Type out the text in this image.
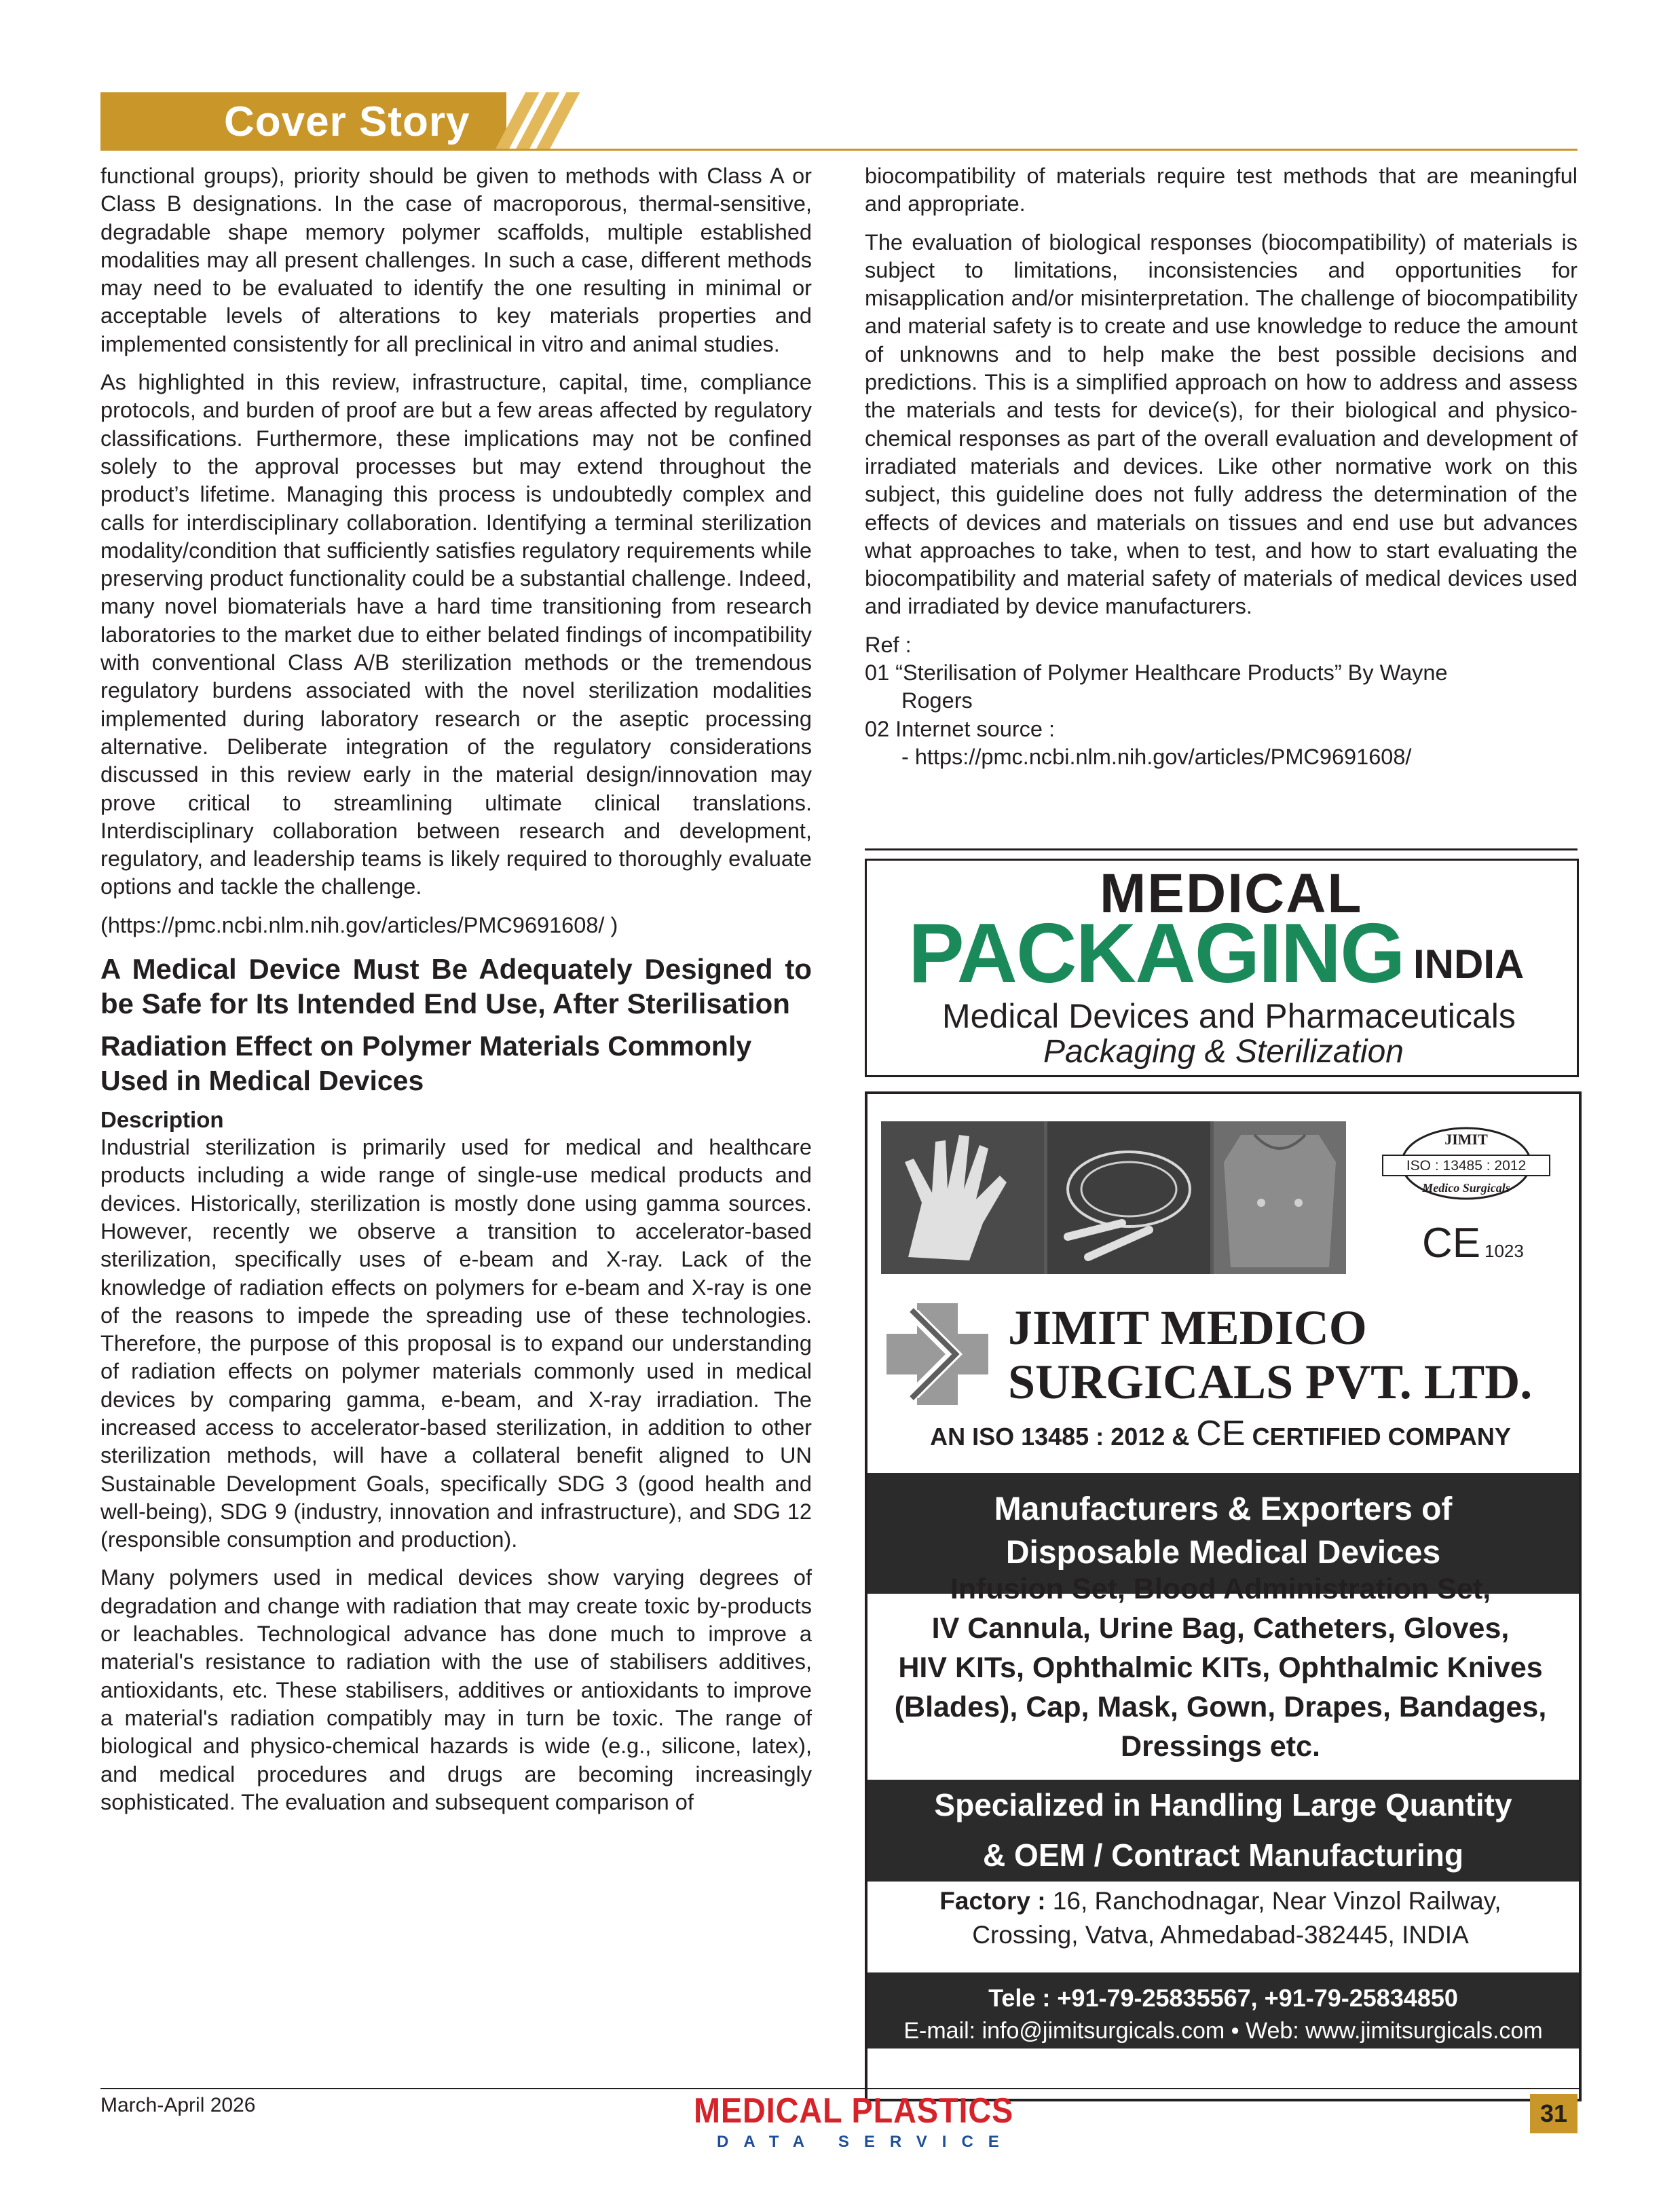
Cover Story

functional groups), priority should be given to methods with Class A or Class B designations. In the case of macroporous, thermal-sensitive, degradable shape memory polymer scaffolds, multiple established modalities may all present challenges. In such a case, different methods may need to be evaluated to identify the one resulting in minimal or acceptable levels of alterations to key materials properties and implemented consistently for all preclinical in vitro and animal studies.

As highlighted in this review, infrastructure, capital, time, compliance protocols, and burden of proof are but a few areas affected by regulatory classifications. Furthermore, these implications may not be confined solely to the approval processes but may extend throughout the product’s lifetime. Managing this process is undoubtedly complex and calls for interdisciplinary collaboration. Identifying a terminal sterilization modality/condition that sufficiently satisfies regulatory requirements while preserving product functionality could be a substantial challenge. Indeed, many novel biomaterials have a hard time transitioning from research laboratories to the market due to either belated findings of incompatibility with conventional Class A/B sterilization methods or the tremendous regulatory burdens associated with the novel sterilization modalities implemented during laboratory research or the aseptic processing alternative. Deliberate integration of the regulatory considerations discussed in this review early in the material design/innovation may prove critical to streamlining ultimate clinical translations. Interdisciplinary collaboration between research and development, regulatory, and leadership teams is likely required to thoroughly evaluate options and tackle the challenge.

(https://pmc.ncbi.nlm.nih.gov/articles/PMC9691608/ )

A Medical Device Must Be Adequately Designed to be Safe for Its Intended End Use, After Sterilisation
Radiation Effect on Polymer Materials Commonly Used in Medical Devices
Description

Industrial sterilization is primarily used for medical and healthcare products including a wide range of single-use medical products and devices. Historically, sterilization is mostly done using gamma sources. However, recently we observe a transition to accelerator-based sterilization, specifically uses of e-beam and X-ray. Lack of the knowledge of radiation effects on polymers for e-beam and X-ray is one of the reasons to impede the spreading use of these technologies. Therefore, the purpose of this proposal is to expand our understanding of radiation effects on polymer materials commonly used in medical devices by comparing gamma, e-beam, and X-ray irradiation. The increased access to accelerator-based sterilization, in addition to other sterilization methods, will have a collateral benefit aligned to UN Sustainable Development Goals, specifically SDG 3 (good health and well-being), SDG 9 (industry, innovation and infrastructure), and SDG 12 (responsible consumption and production).

Many polymers used in medical devices show varying degrees of degradation and change with radiation that may create toxic by-products or leachables. Technological advance has done much to improve a material's resistance to radiation with the use of stabilisers additives, antioxidants, etc. These stabilisers, additives or antioxidants to improve a material's radiation compatibly may in turn be toxic. The range of biological and physico-chemical hazards is wide (e.g., silicone, latex), and medical procedures and drugs are becoming increasingly sophisticated. The evaluation and subsequent comparison of

biocompatibility of materials require test methods that are meaningful and appropriate.

The evaluation of biological responses (biocompatibility) of materials is subject to limitations, inconsistencies and opportunities for misapplication and/or misinterpretation. The challenge of biocompatibility and material safety is to create and use knowledge to reduce the amount of unknowns and to help make the best possible decisions and predictions. This is a simplified approach on how to address and assess the materials and tests for device(s), for their biological and physico-chemical responses as part of the overall evaluation and development of irradiated materials and devices. Like other normative work on this subject, this guideline does not fully address the determination of the effects of devices and materials on tissues and end use but advances what approaches to take, when to test, and how to start evaluating the biocompatibility and material safety of materials of medical devices used and irradiated by device manufacturers.

Ref :
01 “Sterilisation of Polymer Healthcare Products” By Wayne
Rogers
02 Internet source :
- https://pmc.ncbi.nlm.nih.gov/articles/PMC9691608/
MEDICAL
PACKAGING INDIA
Medical Devices and Pharmaceuticals
Packaging & Sterilization
JIMIT
ISO : 13485 : 2012
Medico Surgicals
CE 1023
JIMIT MEDICO
SURGICALS PVT. LTD.
AN ISO 13485 : 2012 & CE CERTIFIED COMPANY
Manufacturers & Exporters of
Disposable Medical Devices
Infusion Set, Blood Administration Set,
IV Cannula, Urine Bag, Catheters, Gloves,
HIV KITs, Ophthalmic KITs, Ophthalmic Knives
(Blades), Cap, Mask, Gown, Drapes, Bandages,
Dressings etc.
Specialized in Handling Large Quantity
& OEM / Contract Manufacturing
Factory : 16, Ranchodnagar, Near Vinzol Railway,
Crossing, Vatva, Ahmedabad-382445, INDIA
Tele : +91-79-25835567, +91-79-25834850
E-mail: info@jimitsurgicals.com • Web: www.jimitsurgicals.com
March-April 2026	MEDICAL PLASTICS
DATA SERVICE
31
